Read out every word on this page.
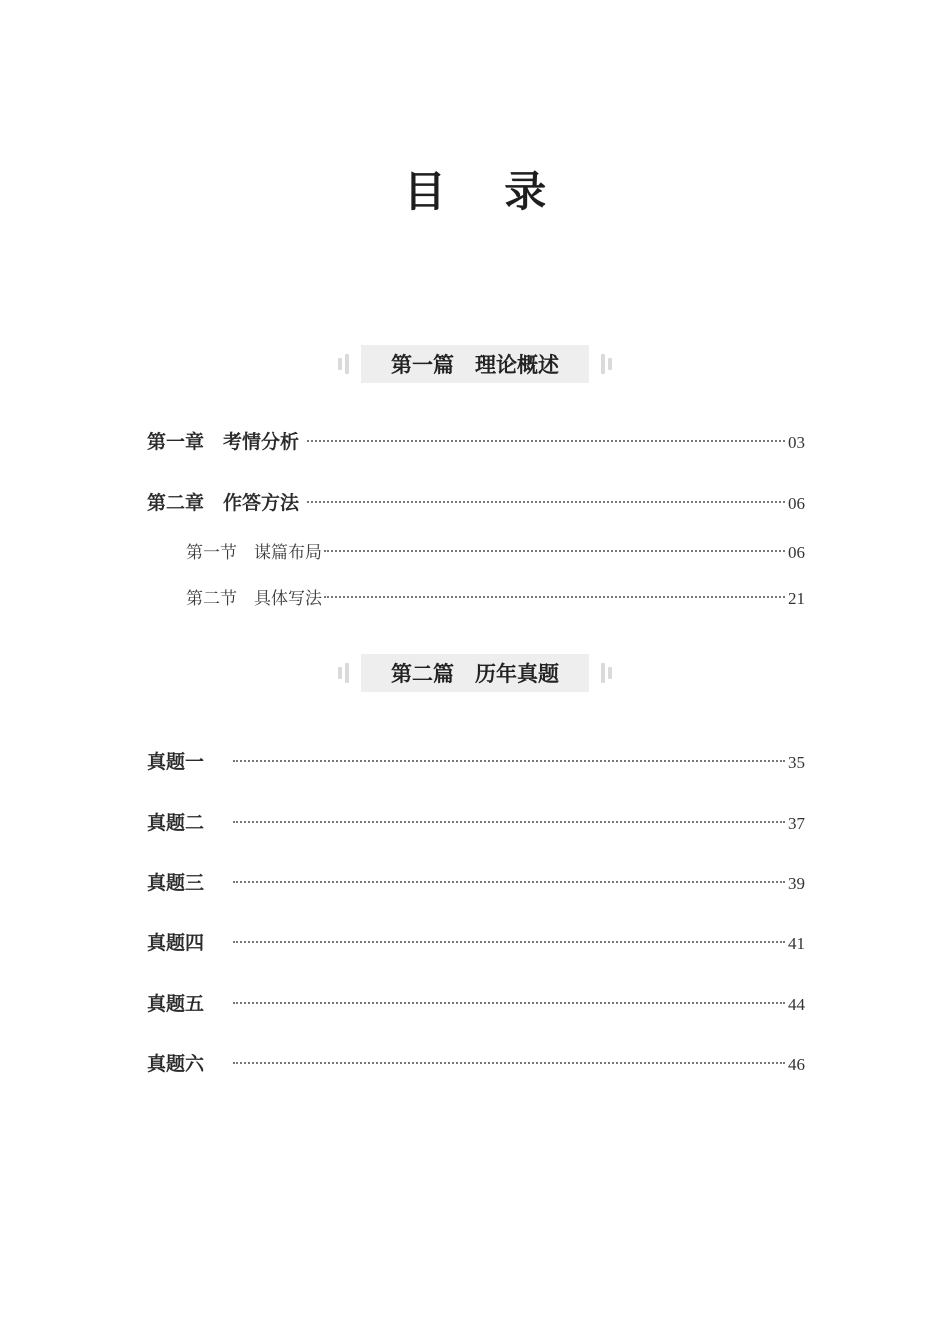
目 录
第一篇　理论概述
第一章　考情分析	03
第二章　作答方法	06
第一节　谋篇布局	06
第二节　具体写法	21
第二篇　历年真题
真题一	35
真题二	37
真题三	39
真题四	41
真题五	44
真题六	46
